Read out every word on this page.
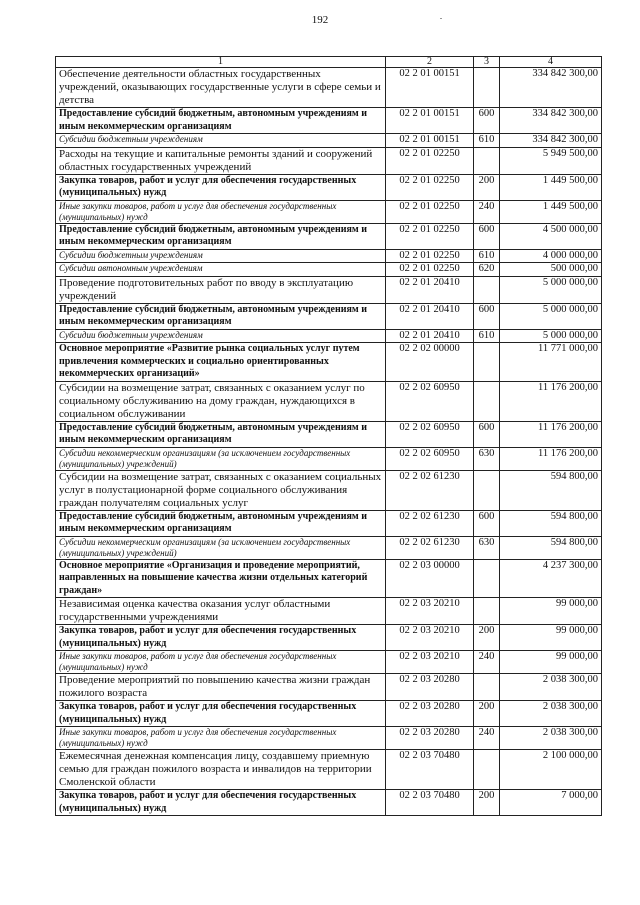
192
1	2	3	4
Обеспечение деятельности областных государственных учреждений, оказывающих государственные услуги в сфере семьи и детства	02 2 01 00151		334 842 300,00
Предоставление субсидий бюджетным, автономным учреждениям и иным некоммерческим организациям	02 2 01 00151	600	334 842 300,00
Субсидии бюджетным учреждениям	02 2 01 00151	610	334 842 300,00
Расходы на текущие и капитальные ремонты зданий и сооружений областных государственных учреждений	02 2 01 02250		5 949 500,00
Закупка товаров, работ и услуг для обеспечения государственных (муниципальных) нужд	02 2 01 02250	200	1 449 500,00
Иные закупки товаров, работ и услуг для обеспечения государственных (муниципальных) нужд	02 2 01 02250	240	1 449 500,00
Предоставление субсидий бюджетным, автономным учреждениям и иным некоммерческим организациям	02 2 01 02250	600	4 500 000,00
Субсидии бюджетным учреждениям	02 2 01 02250	610	4 000 000,00
Субсидии автономным учреждениям	02 2 01 02250	620	500 000,00
Проведение подготовительных работ по вводу в эксплуатацию учреждений	02 2 01 20410		5 000 000,00
Предоставление субсидий бюджетным, автономным учреждениям и иным некоммерческим организациям	02 2 01 20410	600	5 000 000,00
Субсидии бюджетным учреждениям	02 2 01 20410	610	5 000 000,00
Основное мероприятие «Развитие рынка социальных услуг путем привлечения коммерческих и социально ориентированных некоммерческих организаций»	02 2 02 00000		11 771 000,00
Субсидии на возмещение затрат, связанных с оказанием услуг по социальному обслуживанию на дому граждан, нуждающихся в социальном обслуживании	02 2 02 60950		11 176 200,00
Предоставление субсидий бюджетным, автономным учреждениям и иным некоммерческим организациям	02 2 02 60950	600	11 176 200,00
Субсидии некоммерческим организациям (за исключением государственных (муниципальных) учреждений)	02 2 02 60950	630	11 176 200,00
Субсидии на возмещение затрат, связанных с оказанием социальных услуг в полустационарной форме социального обслуживания граждан получателям социальных услуг	02 2 02 61230		594 800,00
Предоставление субсидий бюджетным, автономным учреждениям и иным некоммерческим организациям	02 2 02 61230	600	594 800,00
Субсидии некоммерческим организациям (за исключением государственных (муниципальных) учреждений)	02 2 02 61230	630	594 800,00
Основное мероприятие «Организация и проведение мероприятий, направленных на повышение качества жизни отдельных категорий граждан»	02 2 03 00000		4 237 300,00
Независимая оценка качества оказания услуг областными государственными учреждениями	02 2 03 20210		99 000,00
Закупка товаров, работ и услуг для обеспечения государственных (муниципальных) нужд	02 2 03 20210	200	99 000,00
Иные закупки товаров, работ и услуг для обеспечения государственных (муниципальных) нужд	02 2 03 20210	240	99 000,00
Проведение мероприятий по повышению качества жизни граждан пожилого возраста	02 2 03 20280		2 038 300,00
Закупка товаров, работ и услуг для обеспечения государственных (муниципальных) нужд	02 2 03 20280	200	2 038 300,00
Иные закупки товаров, работ и услуг для обеспечения государственных (муниципальных) нужд	02 2 03 20280	240	2 038 300,00
Ежемесячная денежная компенсация лицу, создавшему приемную семью для граждан пожилого возраста и инвалидов на территории Смоленской области	02 2 03 70480		2 100 000,00
Закупка товаров, работ и услуг для обеспечения государственных (муниципальных) нужд	02 2 03 70480	200	7 000,00
